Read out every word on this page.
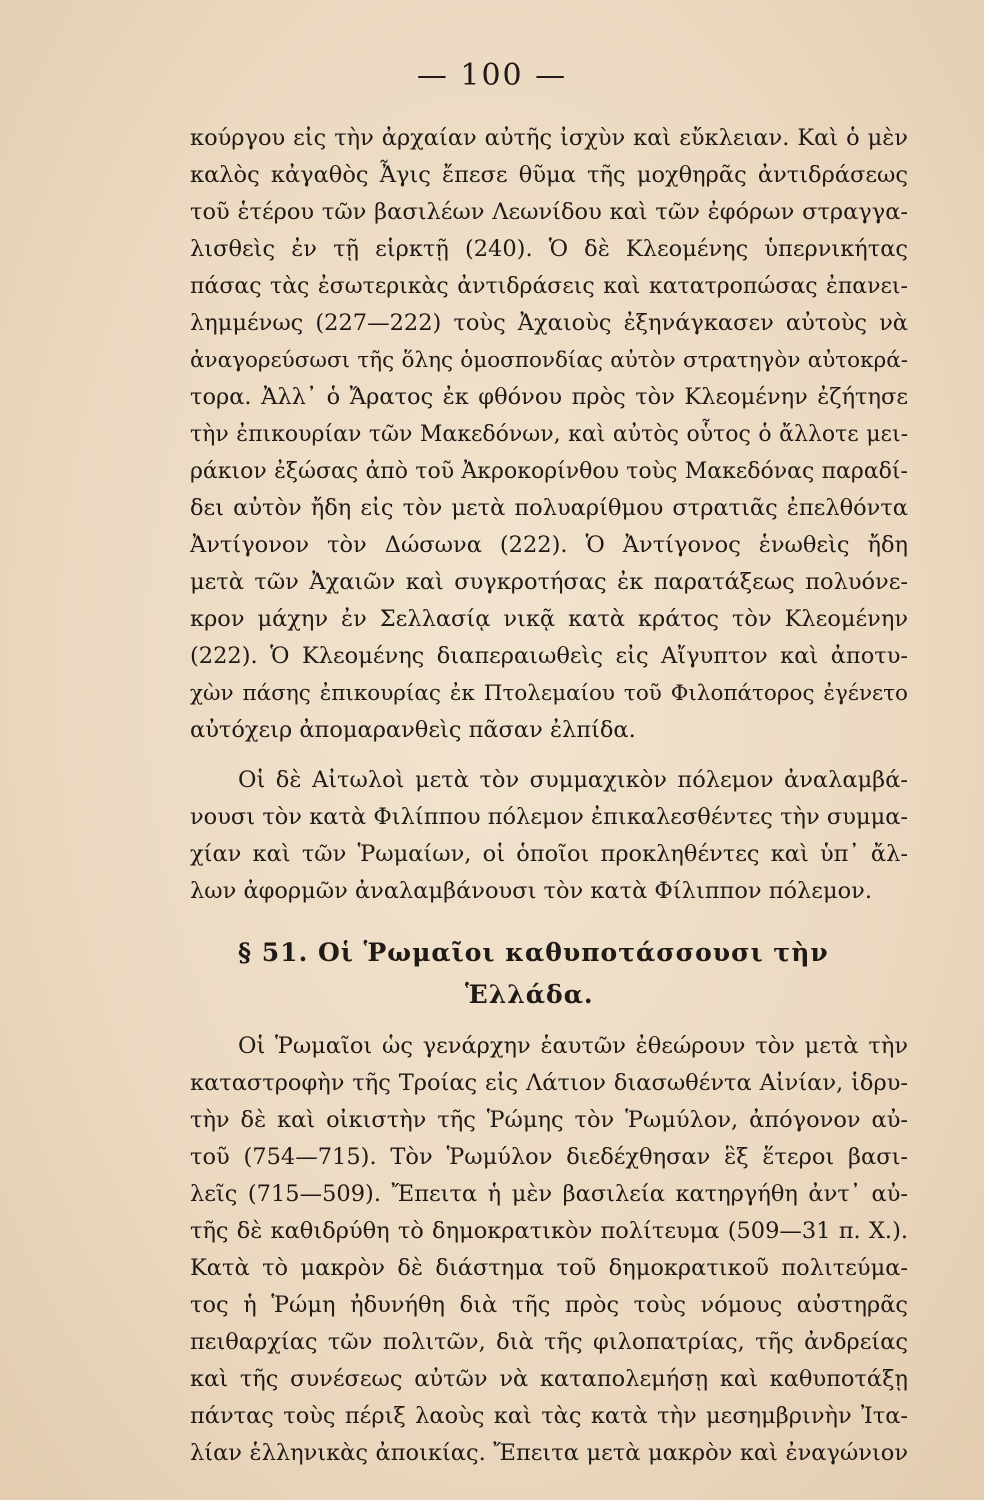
— 100 —
κούργου εἰς τὴν ἀρχαίαν αὐτῆς ἰσχὺν καὶ εὔκλειαν. Καὶ ὁ μὲν
καλὸς κἀγαθὸς Ἆγις ἔπεσε θῦμα τῆς μοχθηρᾶς ἀντιδράσεως
τοῦ ἑτέρου τῶν βασιλέων Λεωνίδου καὶ τῶν ἐφόρων στραγγα-
λισθεὶς ἐν τῇ εἱρκτῇ (240). Ὁ δὲ Κλεομένης ὑπερνικήτας
πάσας τὰς ἐσωτερικὰς ἀντιδράσεις καὶ κατατροπώσας ἐπανει-
λημμένως (227—222) τοὺς Ἀχαιοὺς ἐξηνάγκασεν αὐτοὺς νὰ
ἀναγορεύσωσι τῆς ὅλης ὁμοσπονδίας αὐτὸν στρατηγὸν αὐτοκρά-
τορα. Ἀλλ᾽ ὁ Ἄρατος ἐκ φθόνου πρὸς τὸν Κλεομένην ἐζήτησε
τὴν ἐπικουρίαν τῶν Μακεδόνων, καὶ αὐτὸς οὗτος ὁ ἄλλοτε μει-
ράκιον ἐξώσας ἀπὸ τοῦ Ἀκροκορίνθου τοὺς Μακεδόνας παραδί-
δει αὐτὸν ἤδη εἰς τὸν μετὰ πολυαρίθμου στρατιᾶς ἐπελθόντα
Ἀντίγονον τὸν Δώσωνα (222). Ὁ Ἀντίγονος ἑνωθεὶς ἤδη
μετὰ τῶν Ἀχαιῶν καὶ συγκροτήσας ἐκ παρατάξεως πολυόνε-
κρον μάχην ἐν Σελλασίᾳ νικᾷ κατὰ κράτος τὸν Κλεομένην
(222). Ὁ Κλεομένης διαπεραιωθεὶς εἰς Αἴγυπτον καὶ ἀποτυ-
χὼν πάσης ἐπικουρίας ἐκ Πτολεμαίου τοῦ Φιλοπάτορος ἐγένετο
αὐτόχειρ ἀπομαρανθεὶς πᾶσαν ἐλπίδα.
Οἱ δὲ Αἰτωλοὶ μετὰ τὸν συμμαχικὸν πόλεμον ἀναλαμβά-
νουσι τὸν κατὰ Φιλίππου πόλεμον ἐπικαλεσθέντες τὴν συμμα-
χίαν καὶ τῶν Ῥωμαίων, οἱ ὁποῖοι προκληθέντες καὶ ὑπ᾽ ἄλ-
λων ἀφορμῶν ἀναλαμβάνουσι τὸν κατὰ Φίλιππον πόλεμον.
§ 51. Οἱ Ῥωμαῖοι καθυποτάσσουσι τὴν
Ἑλλάδα.
Οἱ Ῥωμαῖοι ὡς γενάρχην ἑαυτῶν ἐθεώρουν τὸν μετὰ τὴν
καταστροφὴν τῆς Τροίας εἰς Λάτιον διασωθέντα Αἰνίαν, ἱδρυ-
τὴν δὲ καὶ οἰκιστὴν τῆς Ῥώμης τὸν Ῥωμύλον, ἀπόγονον αὐ-
τοῦ (754—715). Τὸν Ῥωμύλον διεδέχθησαν ἓξ ἕτεροι βασι-
λεῖς (715—509). Ἔπειτα ἡ μὲν βασιλεία κατηργήθη ἀντ᾽ αὐ-
τῆς δὲ καθιδρύθη τὸ δημοκρατικὸν πολίτευμα (509—31 π. Χ.).
Κατὰ τὸ μακρὸν δὲ διάστημα τοῦ δημοκρατικοῦ πολιτεύμα-
τος ἡ Ῥώμη ἠδυνήθη διὰ τῆς πρὸς τοὺς νόμους αὐστηρᾶς
πειθαρχίας τῶν πολιτῶν, διὰ τῆς φιλοπατρίας, τῆς ἀνδρείας
καὶ τῆς συνέσεως αὐτῶν νὰ καταπολεμήσῃ καὶ καθυποτάξῃ
πάντας τοὺς πέριξ λαοὺς καὶ τὰς κατὰ τὴν μεσημβρινὴν Ἰτα-
λίαν ἑλληνικὰς ἀποικίας. Ἔπειτα μετὰ μακρὸν καὶ ἐναγώνιον
